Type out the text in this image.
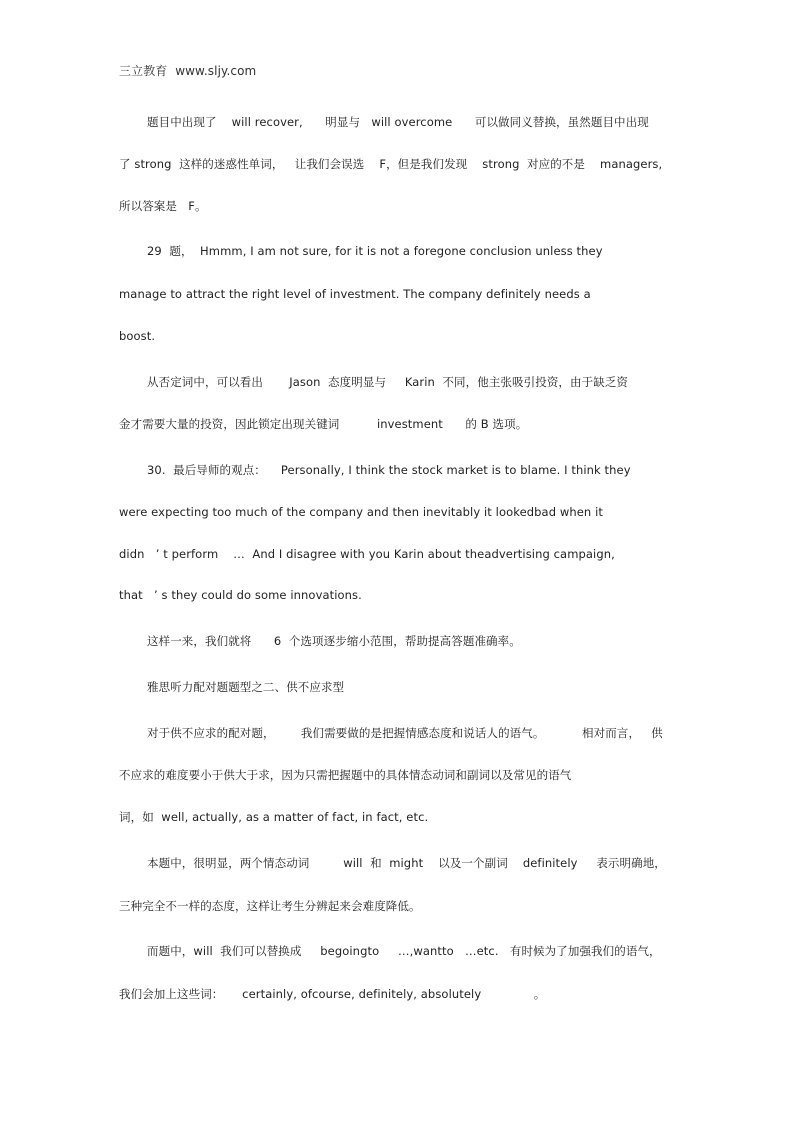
三立教育  www.sljy.com
题目中出现了    will recover,      明显与   will overcome      可以做同义替换，虽然题目中出现
了 strong  这样的迷惑性单词，   让我们会误选    F，但是我们发现    strong  对应的不是    managers,
所以答案是   F。
29  题，  Hmmm, I am not sure, for it is not a foregone conclusion unless they
manage to attract the right level of investment. The company definitely needs a
boost.
从否定词中，可以看出       Jason  态度明显与     Karin  不同，他主张吸引投资，由于缺乏资
金才需要大量的投资，因此锁定出现关键词          investment      的 B 选项。
30.  最后导师的观点：    Personally, I think the stock market is to blame. I think they
were expecting too much of the company and then inevitably it lookedbad when it
didn   ’ t perform    …  And I disagree with you Karin about theadvertising campaign,
that   ’ s they could do some innovations.
这样一来，我们就将      6  个选项逐步缩小范围，帮助提高答题准确率。
雅思听力配对题题型之二、供不应求型
对于供不应求的配对题，       我们需要做的是把握情感态度和说话人的语气。          相对而言，   供
不应求的难度要小于供大于求，因为只需把握题中的具体情态动词和副词以及常见的语气
词，如  well, actually, as a matter of fact, in fact, etc.
本题中，很明显，两个情态动词         will  和  might    以及一个副词    definitely     表示明确地，
三种完全不一样的态度，这样让考生分辨起来会难度降低。
而题中，will  我们可以替换成     begoingto     …,wantto   …etc.   有时候为了加强我们的语气，
我们会加上这些词：     certainly, ofcourse, definitely, absolutely              。
